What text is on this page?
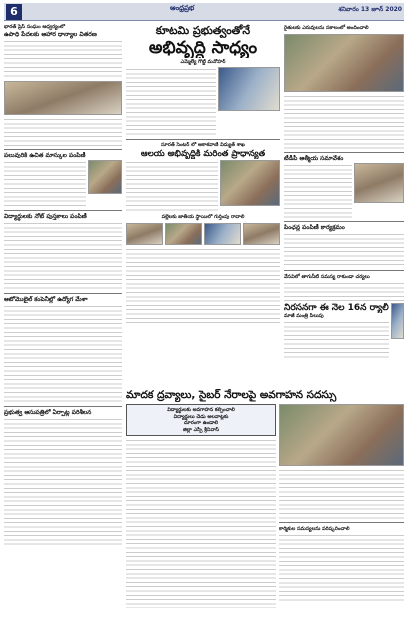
6	ఆంధ్రప్రభ	శనివారం 13 జూన్ 2020
భారత్ ప్రెస్ సంఘం ఆధ్వర్యంలో
ఉపాధి పేదలకు ఆహార ధాన్యాల వితరణ
పలువురికి ఉచిత మాస్కుల పంపిణీ
విద్యార్థులకు నోట్ పుస్తకాలు పంపిణీ
ఆటోమొబైల్ కంపెనీల్లో ఉద్యోగ మేళా
ప్రభుత్వ ఆసుపత్రిలో ఏర్పాట్ల పరిశీలన
కూటమి ప్రభుత్వంతోనే
అభివృద్ధి సాధ్యం
ఎమ్మెల్యే గొట్టి మనోహర్
సూరత్ సెంటర్ లో ఆకాశవాణి విద్యుత్ శాఖ
ఆలయ అభివృద్ధికి మరింత ప్రాధాన్యత
పల్లెలకు జాతీయ స్థాయిలో గుర్తింపు రావాలి
రైతులకు ఎరువులను సకాలంలో అందించాలి
టీడీపీ ఆత్మీయ సమావేశం
పింఛన్ల పంపిణీ కార్యక్రమం
వేసవిలో తాగునీటి సమస్య రాకుండా చర్యలు
నిరసనగా ఈ నెల 16న ర్యాలీ
మాజీ మంత్రి పిలుపు
మాదక ద్రవ్యాలు, సైబర్ నేరాలపై అవగాహన సదస్సు
విద్యార్థులకు అవగాహన కల్పించాలి
విద్యార్థులు చెడు అలవాట్లకు
దూరంగా ఉండాలి
జిల్లా ఎస్పీ శ్రీనివాస్
కార్మికుల సమస్యలను పరిష్కరించాలి
